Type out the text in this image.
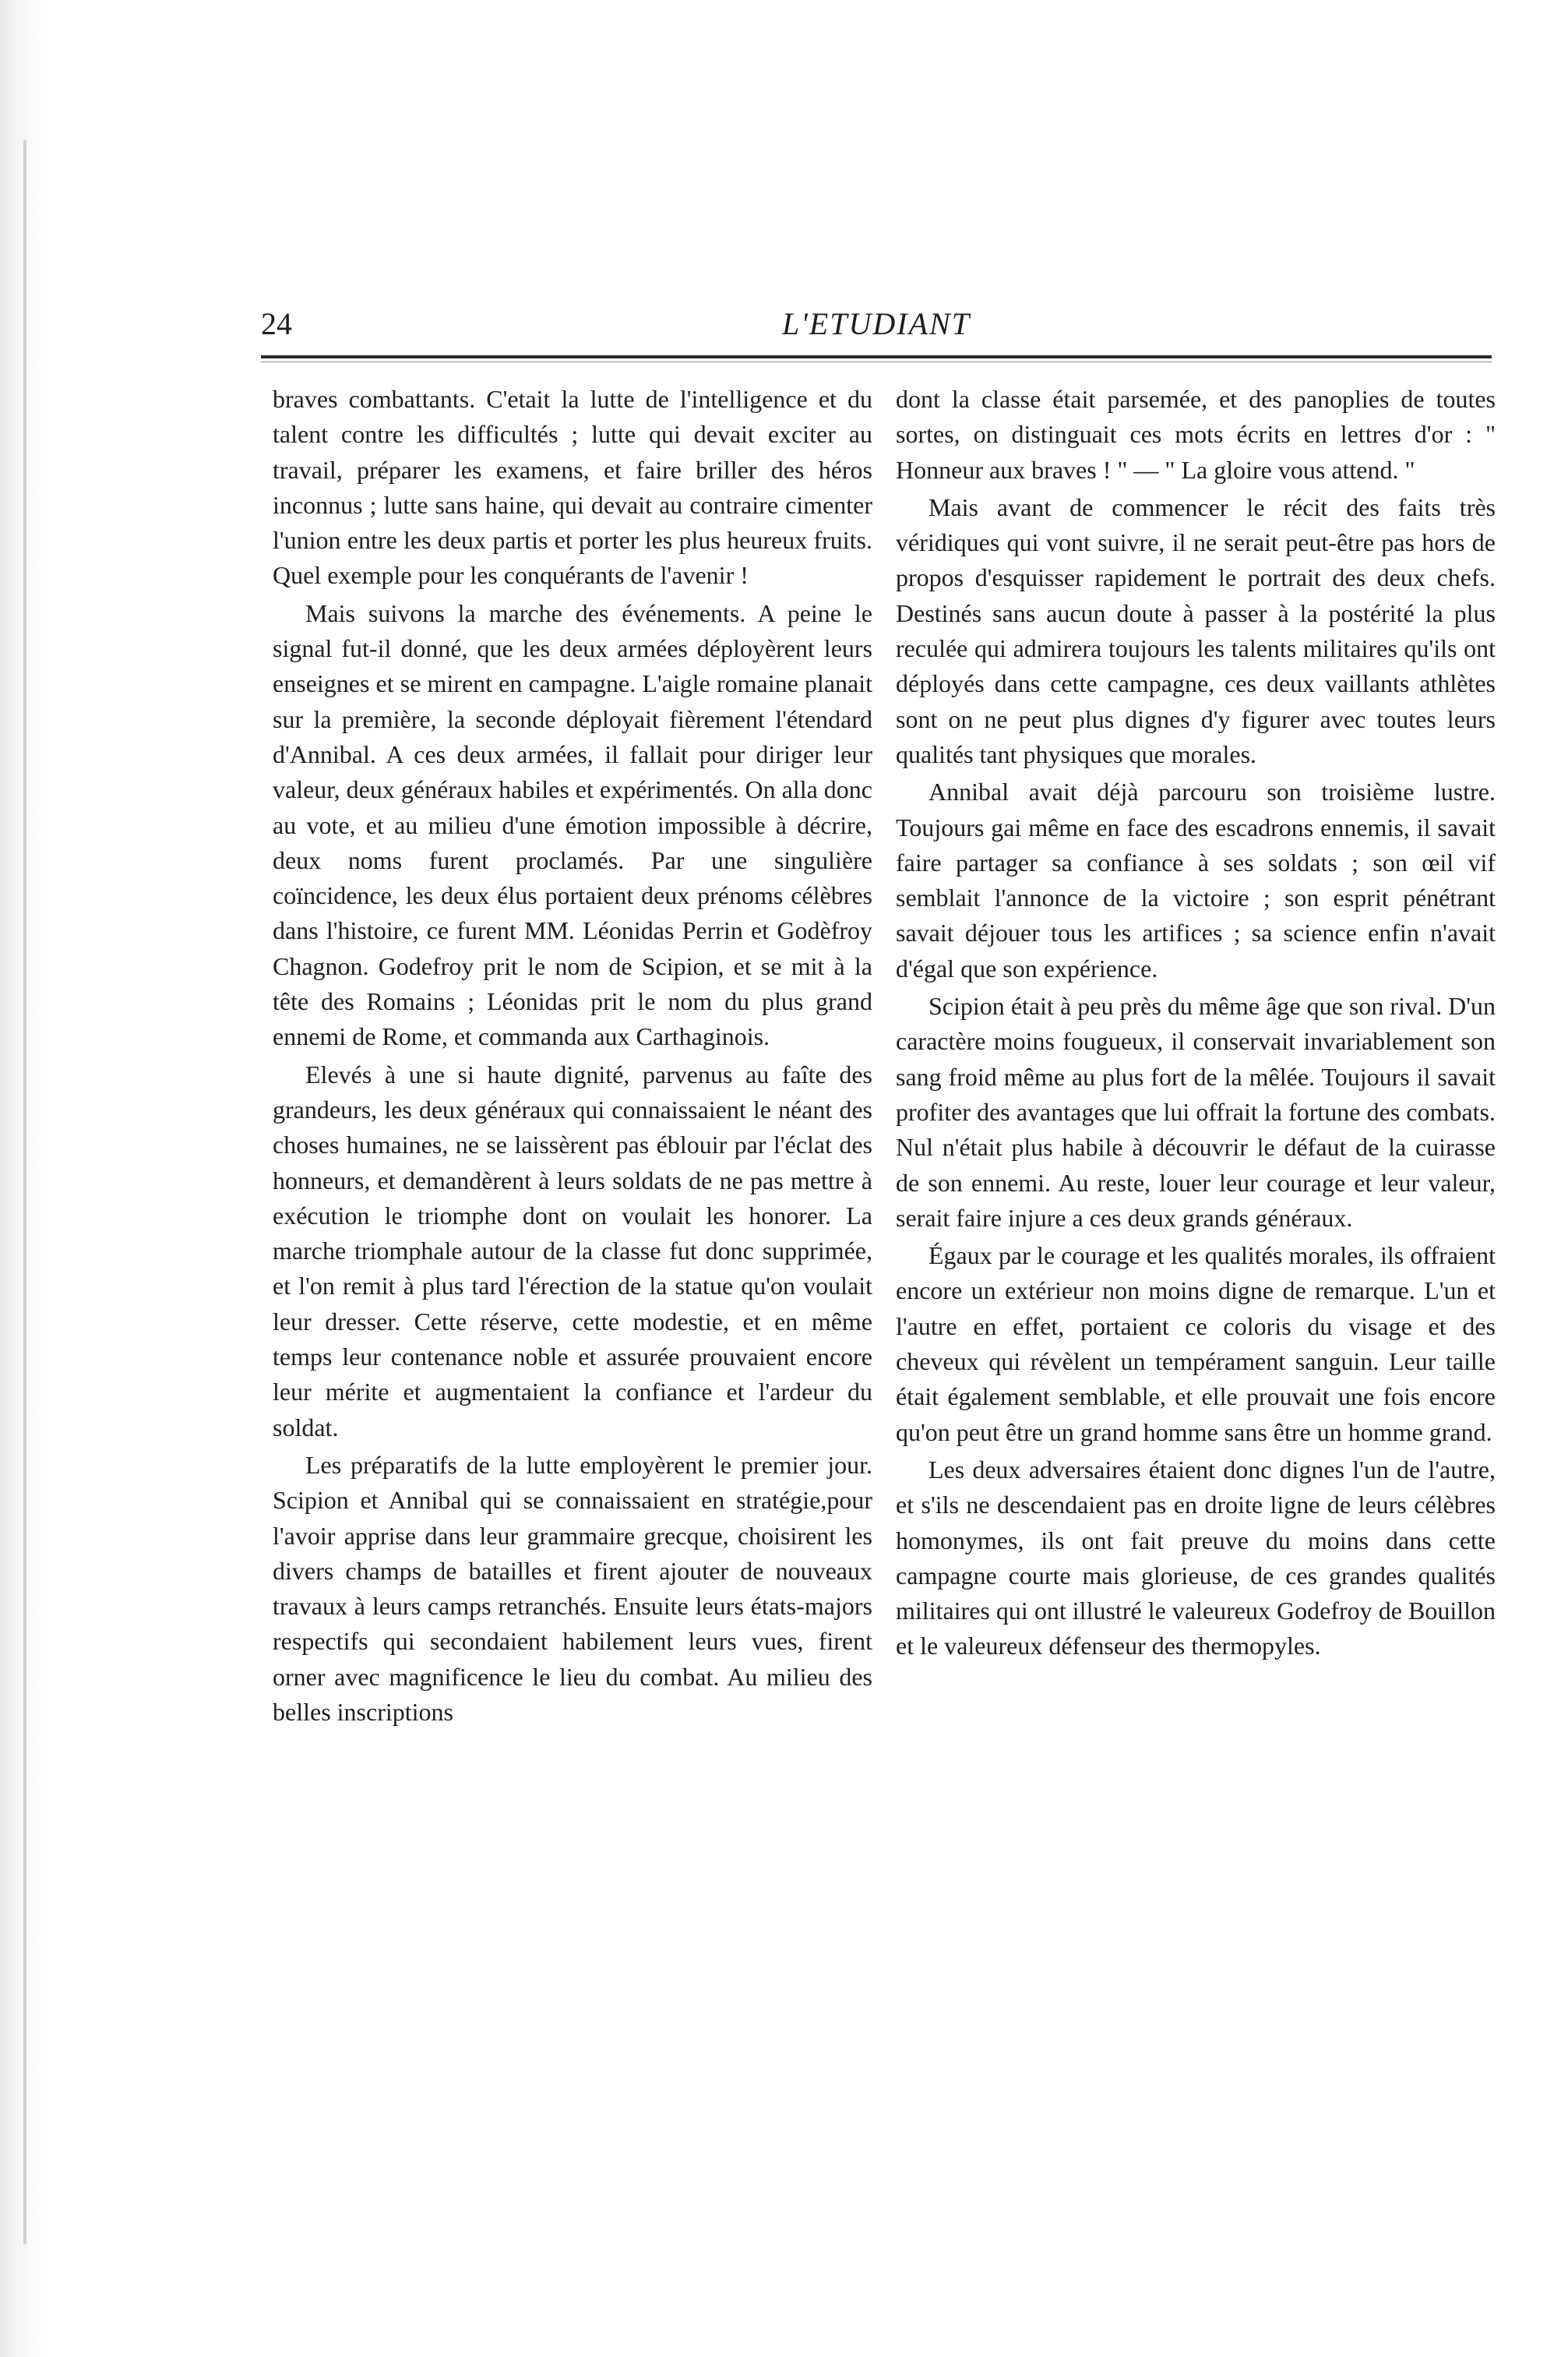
24	L'ETUDIANT

braves combattants. C'etait la lutte de l'intelligence et du talent contre les difficultés ; lutte qui devait exciter au travail, préparer les examens, et faire briller des héros inconnus ; lutte sans haine, qui devait au contraire cimenter l'union entre les deux partis et porter les plus heureux fruits. Quel exemple pour les conquérants de l'avenir !

Mais suivons la marche des événements. A peine le signal fut-il donné, que les deux armées déployèrent leurs enseignes et se mirent en campagne. L'aigle romaine planait sur la première, la seconde déployait fièrement l'étendard d'Annibal. A ces deux armées, il fallait pour diriger leur valeur, deux généraux habiles et expérimentés. On alla donc au vote, et au milieu d'une émotion impossible à décrire, deux noms furent proclamés. Par une singulière coïncidence, les deux élus portaient deux prénoms célèbres dans l'histoire, ce furent MM. Léonidas Perrin et Godèfroy Chagnon. Godefroy prit le nom de Scipion, et se mit à la tête des Romains ; Léonidas prit le nom du plus grand ennemi de Rome, et commanda aux Carthaginois.

Elevés à une si haute dignité, parvenus au faîte des grandeurs, les deux généraux qui connaissaient le néant des choses humaines, ne se laissèrent pas éblouir par l'éclat des honneurs, et demandèrent à leurs soldats de ne pas mettre à exécution le triomphe dont on voulait les honorer. La marche triomphale autour de la classe fut donc supprimée, et l'on remit à plus tard l'érection de la statue qu'on voulait leur dresser. Cette réserve, cette modestie, et en même temps leur contenance noble et assurée prouvaient encore leur mérite et augmentaient la confiance et l'ardeur du soldat.

Les préparatifs de la lutte employèrent le premier jour. Scipion et Annibal qui se connaissaient en stratégie,pour l'avoir apprise dans leur grammaire grecque, choisirent les divers champs de batailles et firent ajouter de nouveaux travaux à leurs camps retranchés. Ensuite leurs états-majors respectifs qui secondaient habilement leurs vues, firent orner avec magnificence le lieu du combat. Au milieu des belles inscriptions

dont la classe était parsemée, et des panoplies de toutes sortes, on distinguait ces mots écrits en lettres d'or : " Honneur aux braves ! " — " La gloire vous attend. "

Mais avant de commencer le récit des faits très véridiques qui vont suivre, il ne serait peut-être pas hors de propos d'esquisser rapidement le portrait des deux chefs. Destinés sans aucun doute à passer à la postérité la plus reculée qui admirera toujours les talents militaires qu'ils ont déployés dans cette campagne, ces deux vaillants athlètes sont on ne peut plus dignes d'y figurer avec toutes leurs qualités tant physiques que morales.

Annibal avait déjà parcouru son troisième lustre. Toujours gai même en face des escadrons ennemis, il savait faire partager sa confiance à ses soldats ; son œil vif semblait l'annonce de la victoire ; son esprit pénétrant savait déjouer tous les artifices ; sa science enfin n'avait d'égal que son expérience.

Scipion était à peu près du même âge que son rival. D'un caractère moins fougueux, il conservait invariablement son sang froid même au plus fort de la mêlée. Toujours il savait profiter des avantages que lui offrait la fortune des combats. Nul n'était plus habile à découvrir le défaut de la cuirasse de son ennemi. Au reste, louer leur courage et leur valeur, serait faire injure a ces deux grands généraux.

Égaux par le courage et les qualités morales, ils offraient encore un extérieur non moins digne de remarque. L'un et l'autre en effet, portaient ce coloris du visage et des cheveux qui révèlent un tempérament sanguin. Leur taille était également semblable, et elle prouvait une fois encore qu'on peut être un grand homme sans être un homme grand.

Les deux adversaires étaient donc dignes l'un de l'autre, et s'ils ne descendaient pas en droite ligne de leurs célèbres homonymes, ils ont fait preuve du moins dans cette campagne courte mais glorieuse, de ces grandes qualités militaires qui ont illustré le valeureux Godefroy de Bouillon et le valeureux défenseur des thermopyles.
